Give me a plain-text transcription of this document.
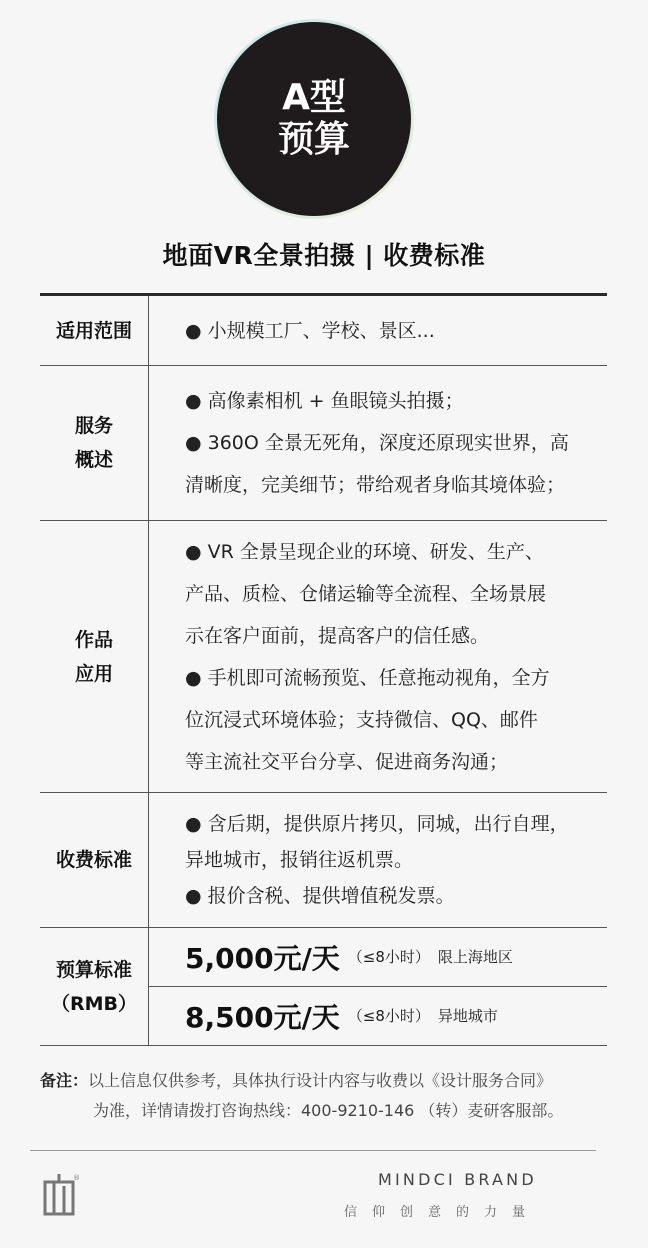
A型
预算
地面VR全景拍摄 | 收费标准
适用范围	● 小规模工厂、学校、景区...
服务
概述
● 高像素相机 + 鱼眼镜头拍摄；
● 360O 全景无死角，深度还原现实世界，高
清晰度，完美细节；带给观者身临其境体验；
作品
应用
● VR 全景呈现企业的环境、研发、生产、
产品、质检、仓储运输等全流程、全场景展
示在客户面前，提高客户的信任感。
● 手机即可流畅预览、任意拖动视角，全方
位沉浸式环境体验；支持微信、QQ、邮件
等主流社交平台分享、促进商务沟通；
收费标准
● 含后期，提供原片拷贝，同城，出行自理，
异地城市，报销往返机票。
● 报价含税、提供增值税发票。
预算标准
（RMB）
5,000元/天 （≤8小时） 限上海地区
8,500元/天 （≤8小时） 异地城市
备注：以上信息仅供参考，具体执行设计内容与收费以《设计服务合同》
为准，详情请拨打咨询热线：400-9210-146 （转）麦研客服部。
®	MINDCI BRAND
信仰创意的力量
